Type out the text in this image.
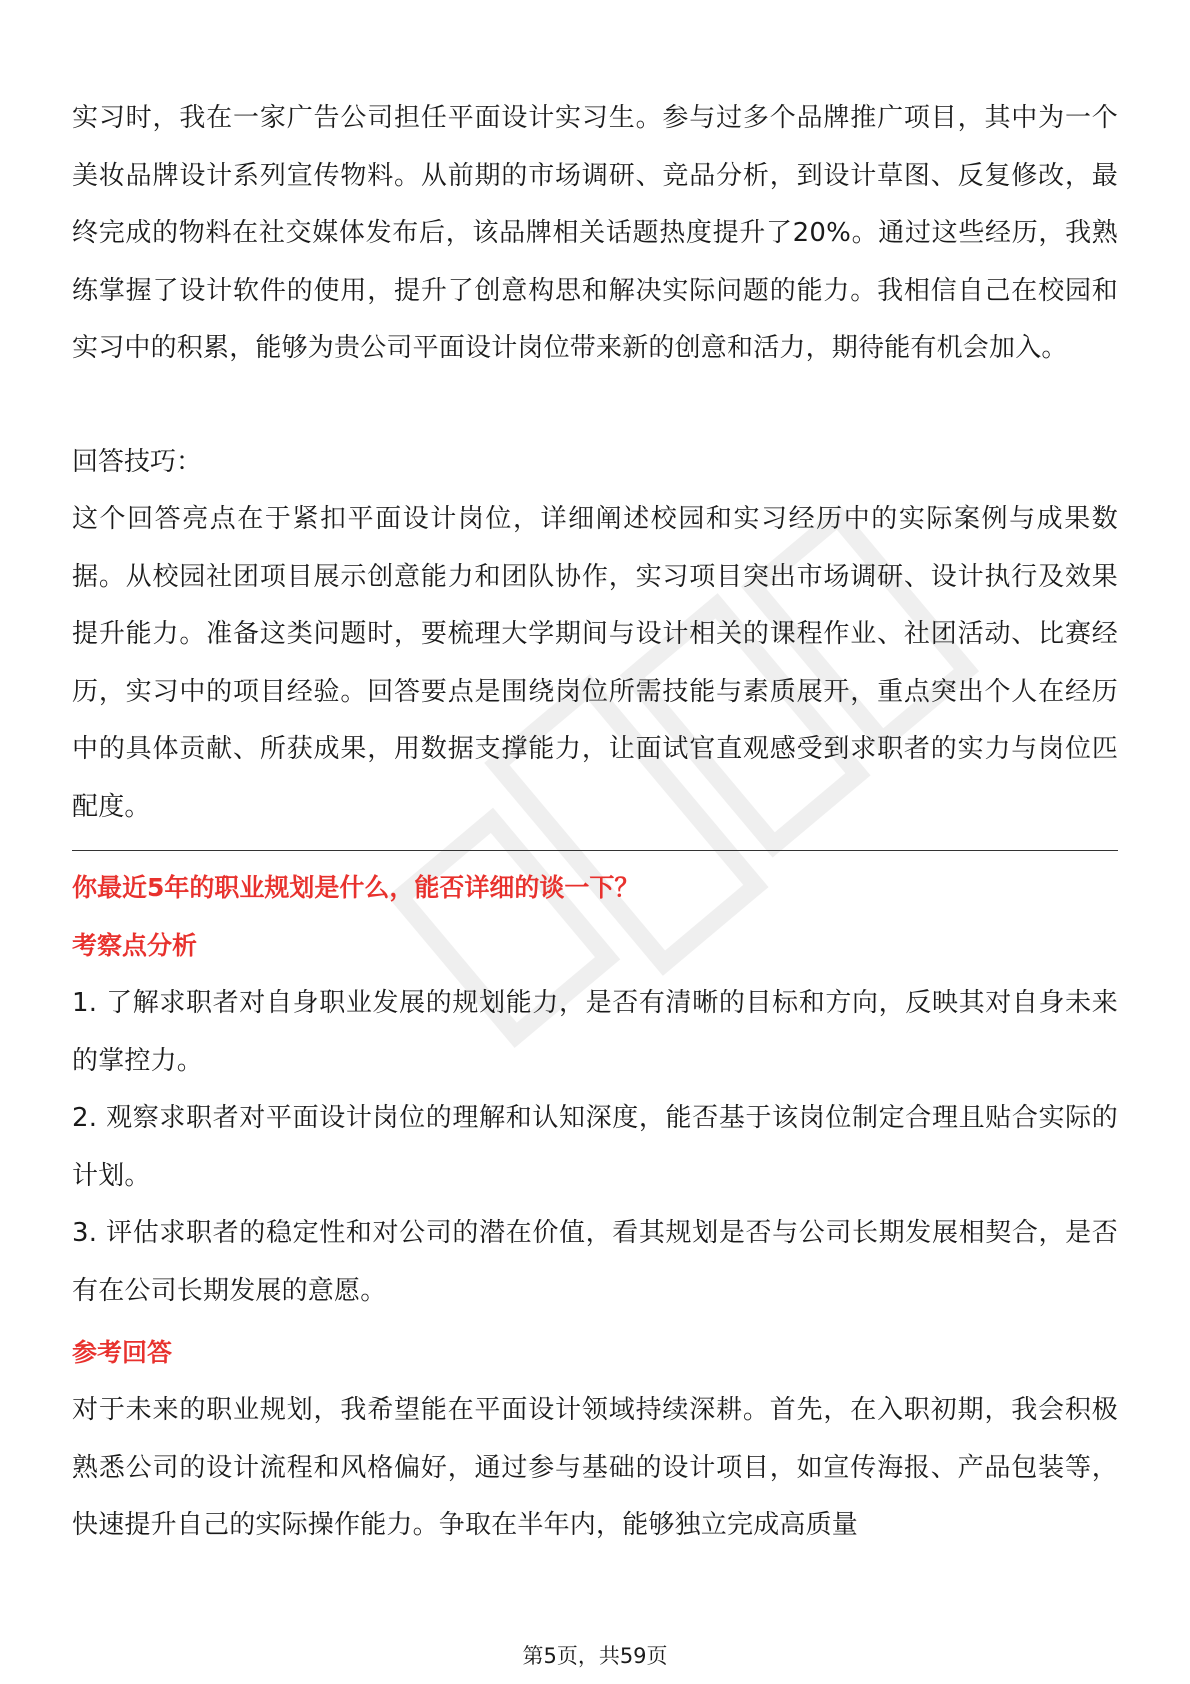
实习时，我在一家广告公司担任平面设计实习生。参与过多个品牌推广项目，其中为一个美妆品牌设计系列宣传物料。从前期的市场调研、竞品分析，到设计草图、反复修改，最终完成的物料在社交媒体发布后，该品牌相关话题热度提升了20%。通过这些经历，我熟练掌握了设计软件的使用，提升了创意构思和解决实际问题的能力。我相信自己在校园和实习中的积累，能够为贵公司平面设计岗位带来新的创意和活力，期待能有机会加入。

回答技巧：

这个回答亮点在于紧扣平面设计岗位，详细阐述校园和实习经历中的实际案例与成果数据。从校园社团项目展示创意能力和团队协作，实习项目突出市场调研、设计执行及效果提升能力。准备这类问题时，要梳理大学期间与设计相关的课程作业、社团活动、比赛经历，实习中的项目经验。回答要点是围绕岗位所需技能与素质展开，重点突出个人在经历中的具体贡献、所获成果，用数据支撑能力，让面试官直观感受到求职者的实力与岗位匹配度。

你最近5年的职业规划是什么，能否详细的谈一下？

考察点分析

1. 了解求职者对自身职业发展的规划能力，是否有清晰的目标和方向，反映其对自身未来的掌控力。

2. 观察求职者对平面设计岗位的理解和认知深度，能否基于该岗位制定合理且贴合实际的计划。

3. 评估求职者的稳定性和对公司的潜在价值，看其规划是否与公司长期发展相契合，是否有在公司长期发展的意愿。

参考回答

对于未来的职业规划，我希望能在平面设计领域持续深耕。首先，在入职初期，我会积极熟悉公司的设计流程和风格偏好，通过参与基础的设计项目，如宣传海报、产品包装等，快速提升自己的实际操作能力。争取在半年内，能够独立完成高质量

第5页，共59页
